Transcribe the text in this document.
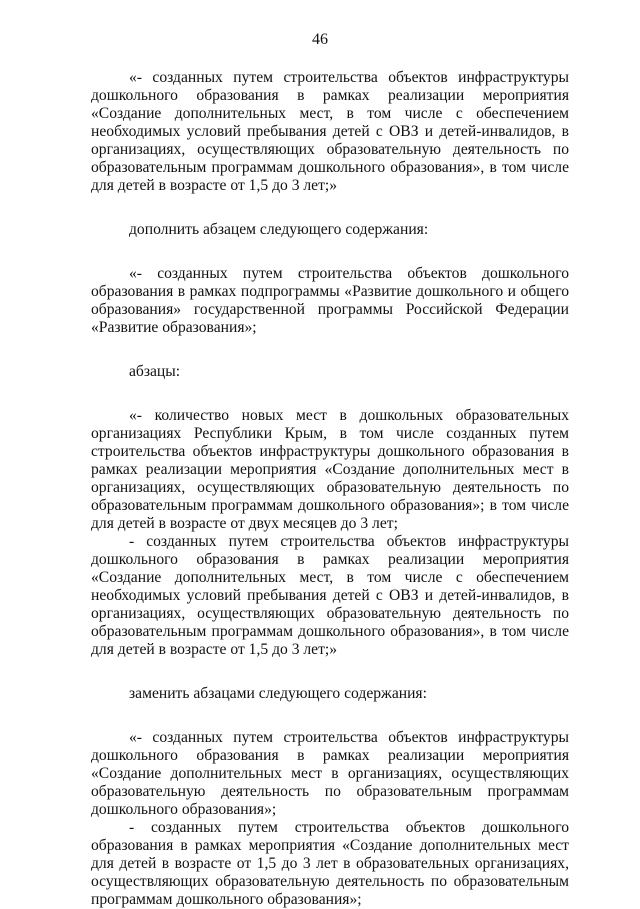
46

«- созданных путем строительства объектов инфраструктуры дошкольного образования в рамках реализации мероприятия «Создание дополнительных мест, в том числе с обеспечением необходимых условий пребывания детей с ОВЗ и детей-инвалидов, в организациях, осуществляющих образовательную деятельность по образовательным программам дошкольного образования», в том числе для детей в возрасте от 1,5 до 3 лет;»

дополнить абзацем следующего содержания:

«- созданных путем строительства объектов дошкольного образования в рамках подпрограммы «Развитие дошкольного и общего образования» государственной программы Российской Федерации «Развитие образования»;

абзацы:

«- количество новых мест в дошкольных образовательных организациях Республики Крым, в том числе созданных путем строительства объектов инфраструктуры дошкольного образования в рамках реализации мероприятия «Создание дополнительных мест в организациях, осуществляющих образовательную деятельность по образовательным программам дошкольного образования»; в том числе для детей в возрасте от двух месяцев до 3 лет;

- созданных путем строительства объектов инфраструктуры дошкольного образования в рамках реализации мероприятия «Создание дополнительных мест, в том числе с обеспечением необходимых условий пребывания детей с ОВЗ и детей-инвалидов, в организациях, осуществляющих образовательную деятельность по образовательным программам дошкольного образования», в том числе для детей в возрасте от 1,5 до 3 лет;»

заменить абзацами следующего содержания:

«- созданных путем строительства объектов инфраструктуры дошкольного образования в рамках реализации мероприятия «Создание дополнительных мест в организациях, осуществляющих образовательную деятельность по образовательным программам дошкольного образования»;

- созданных путем строительства объектов дошкольного образования в рамках мероприятия «Создание дополнительных мест для детей в возрасте от 1,5 до 3 лет в образовательных организациях, осуществляющих образовательную деятельность по образовательным программам дошкольного образования»;
